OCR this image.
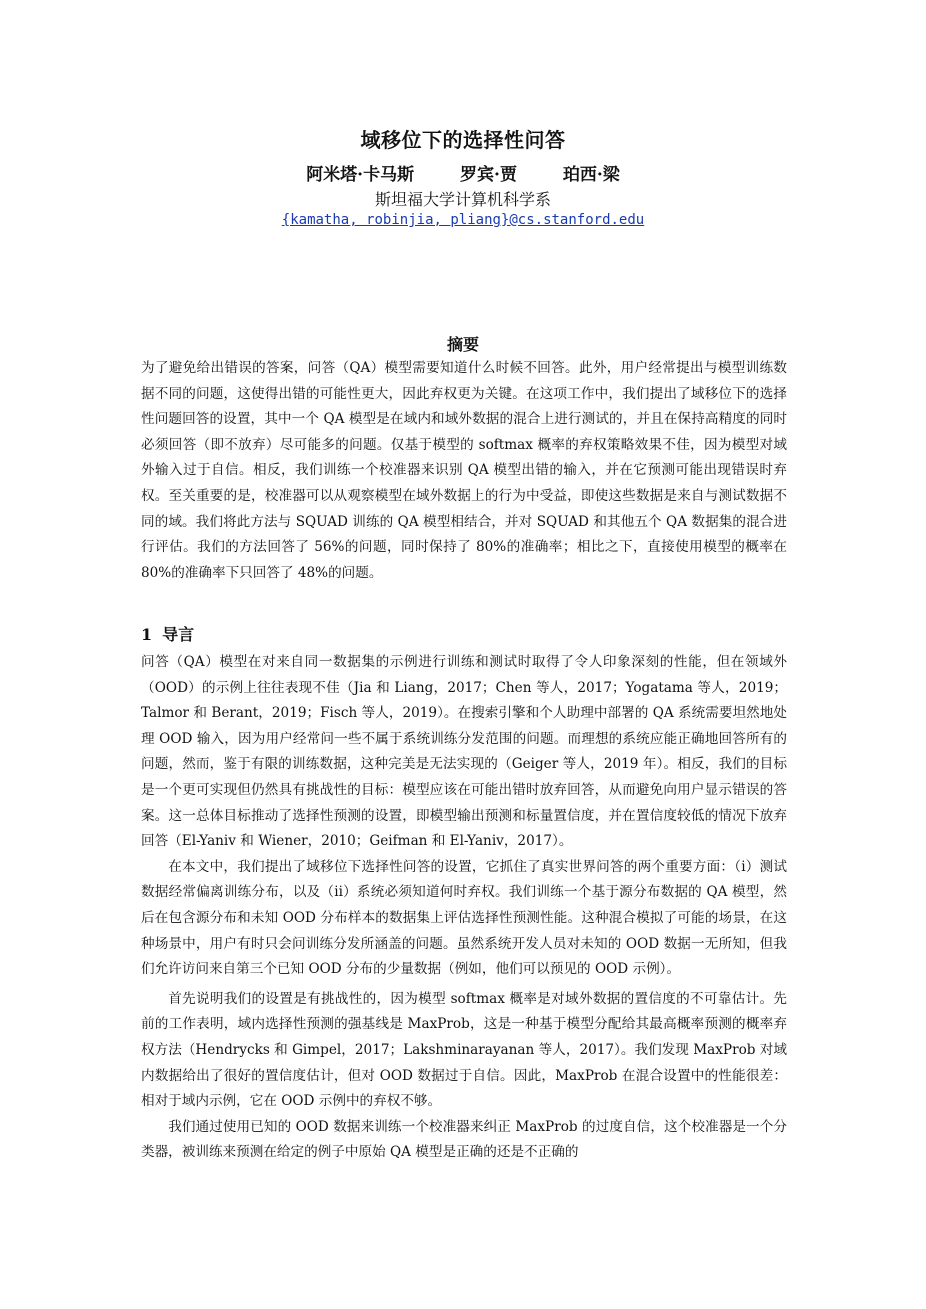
域移位下的选择性问答
阿米塔·卡马斯	罗宾·贾	珀西·梁
斯坦福大学计算机科学系
{kamatha, robinjia, pliang}@cs.stanford.edu
摘要
为了避免给出错误的答案，问答（QA）模型需要知道什么时候不回答。此外，用户经常提出与模型训练数据不同的问题，这使得出错的可能性更大，因此弃权更为关键。在这项工作中，我们提出了域移位下的选择性问题回答的设置，其中一个 QA 模型是在域内和域外数据的混合上进行测试的，并且在保持高精度的同时必须回答（即不放弃）尽可能多的问题。仅基于模型的 softmax 概率的弃权策略效果不佳，因为模型对域外输入过于自信。相反，我们训练一个校准器来识别 QA 模型出错的输入，并在它预测可能出现错误时弃权。至关重要的是，校准器可以从观察模型在域外数据上的行为中受益，即使这些数据是来自与测试数据不同的域。我们将此方法与 SQUAD 训练的 QA 模型相结合，并对 SQUAD 和其他五个 QA 数据集的混合进行评估。我们的方法回答了 56%的问题，同时保持了 80%的准确率；相比之下，直接使用模型的概率在 80%的准确率下只回答了 48%的问题。
1 导言

问答（QA）模型在对来自同一数据集的示例进行训练和测试时取得了令人印象深刻的性能，但在领域外（OOD）的示例上往往表现不佳（Jia 和 Liang，2017；Chen 等人，2017；Yogatama 等人，2019；Talmor 和 Berant，2019；Fisch 等人，2019）。在搜索引擎和个人助理中部署的 QA 系统需要坦然地处理 OOD 输入，因为用户经常问一些不属于系统训练分发范围的问题。而理想的系统应能正确地回答所有的问题，然而，鉴于有限的训练数据，这种完美是无法实现的（Geiger 等人，2019 年）。相反，我们的目标是一个更可实现但仍然具有挑战性的目标：模型应该在可能出错时放弃回答，从而避免向用户显示错误的答案。这一总体目标推动了选择性预测的设置，即模型输出预测和标量置信度，并在置信度较低的情况下放弃回答（El-Yaniv 和 Wiener，2010；Geifman 和 El-Yaniv，2017）。

在本文中，我们提出了域移位下选择性问答的设置，它抓住了真实世界问答的两个重要方面：（i）测试数据经常偏离训练分布，以及（ii）系统必须知道何时弃权。我们训练一个基于源分布数据的 QA 模型，然后在包含源分布和未知 OOD 分布样本的数据集上评估选择性预测性能。这种混合模拟了可能的场景，在这种场景中，用户有时只会问训练分发所涵盖的问题。虽然系统开发人员对未知的 OOD 数据一无所知，但我们允许访问来自第三个已知 OOD 分布的少量数据（例如，他们可以预见的 OOD 示例）。

首先说明我们的设置是有挑战性的，因为模型 softmax 概率是对域外数据的置信度的不可靠估计。先前的工作表明，域内选择性预测的强基线是 MaxProb，这是一种基于模型分配给其最高概率预测的概率弃权方法（Hendrycks 和 Gimpel，2017；Lakshminarayanan 等人，2017）。我们发现 MaxProb 对域内数据给出了很好的置信度估计，但对 OOD 数据过于自信。因此，MaxProb 在混合设置中的性能很差：相对于域内示例，它在 OOD 示例中的弃权不够。

我们通过使用已知的 OOD 数据来训练一个校准器来纠正 MaxProb 的过度自信，这个校准器是一个分类器，被训练来预测在给定的例子中原始 QA 模型是正确的还是不正确的
